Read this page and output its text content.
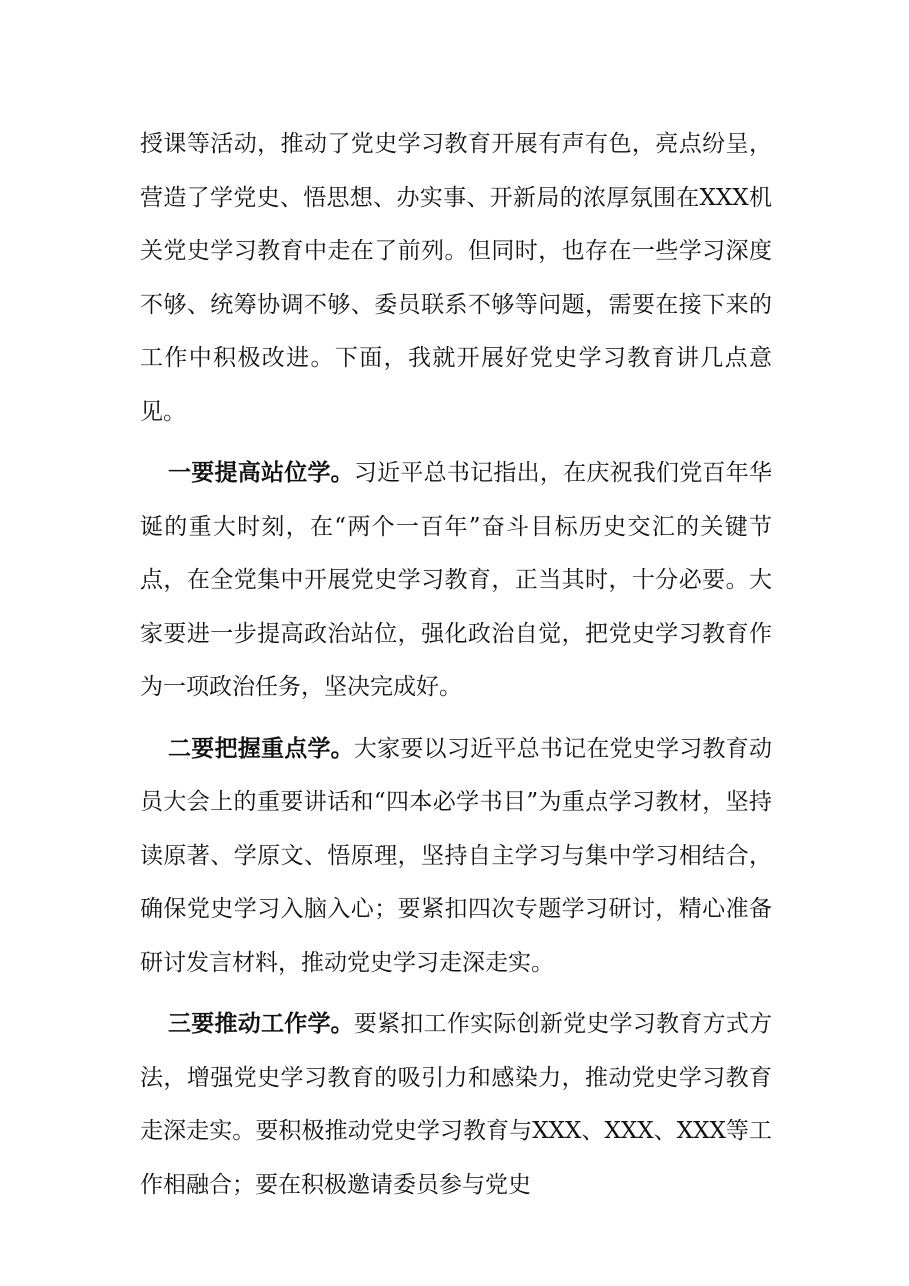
授课等活动，推动了党史学习教育开展有声有色，亮点纷呈，营造了学党史、悟思想、办实事、开新局的浓厚氛围在XXX机关党史学习教育中走在了前列。但同时，也存在一些学习深度不够、统筹协调不够、委员联系不够等问题，需要在接下来的工作中积极改进。下面，我就开展好党史学习教育讲几点意见。

一要提高站位学。习近平总书记指出，在庆祝我们党百年华诞的重大时刻，在“两个一百年”奋斗目标历史交汇的关键节点，在全党集中开展党史学习教育，正当其时，十分必要。大家要进一步提高政治站位，强化政治自觉，把党史学习教育作为一项政治任务，坚决完成好。

二要把握重点学。大家要以习近平总书记在党史学习教育动员大会上的重要讲话和“四本必学书目”为重点学习教材，坚持读原著、学原文、悟原理，坚持自主学习与集中学习相结合，确保党史学习入脑入心；要紧扣四次专题学习研讨，精心准备研讨发言材料，推动党史学习走深走实。

三要推动工作学。要紧扣工作实际创新党史学习教育方式方法，增强党史学习教育的吸引力和感染力，推动党史学习教育走深走实。要积极推动党史学习教育与XXX、XXX、XXX等工作相融合；要在积极邀请委员参与党史
